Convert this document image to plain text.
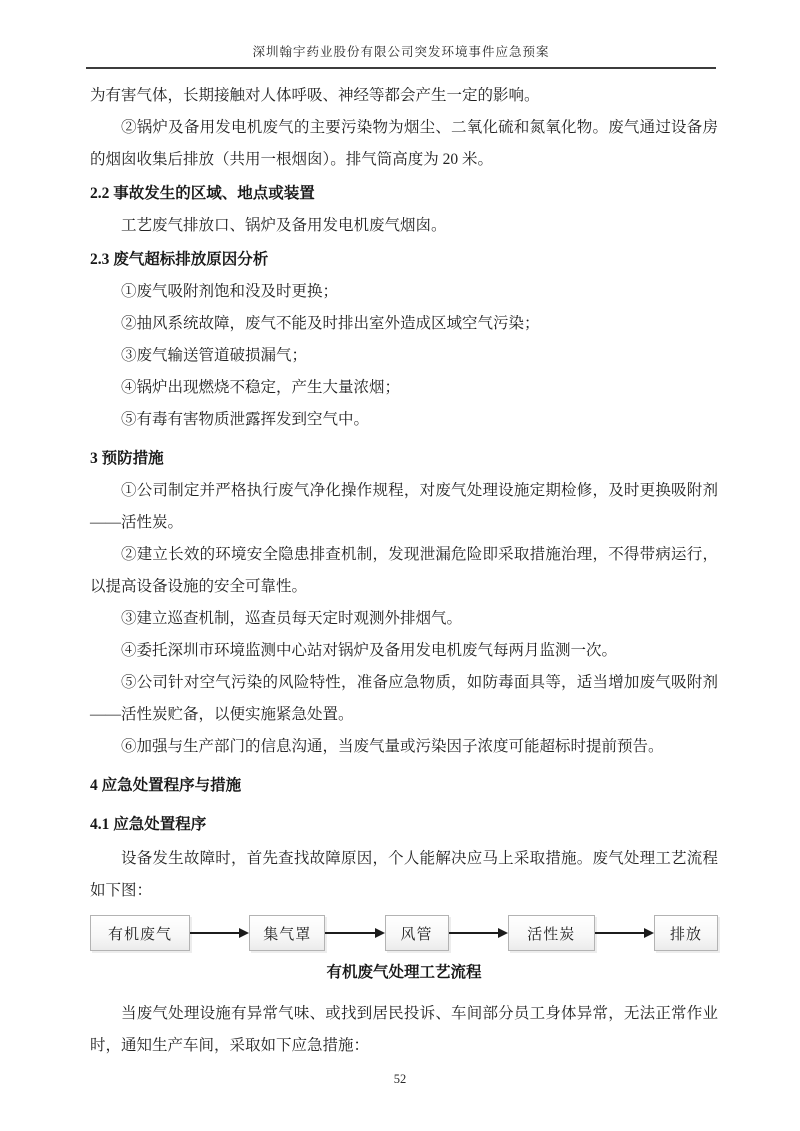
深圳翰宇药业股份有限公司突发环境事件应急预案

为有害气体，长期接触对人体呼吸、神经等都会产生一定的影响。

②锅炉及备用发电机废气的主要污染物为烟尘、二氧化硫和氮氧化物。废气通过设备房的烟囱收集后排放（共用一根烟囱）。排气筒高度为 20 米。

2.2 事故发生的区域、地点或装置

工艺废气排放口、锅炉及备用发电机废气烟囱。

2.3 废气超标排放原因分析
①废气吸附剂饱和没及时更换；
②抽风系统故障，废气不能及时排出室外造成区域空气污染；
③废气输送管道破损漏气；
④锅炉出现燃烧不稳定，产生大量浓烟；
⑤有毒有害物质泄露挥发到空气中。
3 预防措施
①公司制定并严格执行废气净化操作规程，对废气处理设施定期检修，及时更换吸附剂——活性炭。
②建立长效的环境安全隐患排查机制，发现泄漏危险即采取措施治理，不得带病运行，以提高设备设施的安全可靠性。
③建立巡查机制，巡查员每天定时观测外排烟气。
④委托深圳市环境监测中心站对锅炉及备用发电机废气每两月监测一次。
⑤公司针对空气污染的风险特性，准备应急物质，如防毒面具等，适当增加废气吸附剂——活性炭贮备，以便实施紧急处置。
⑥加强与生产部门的信息沟通，当废气量或污染因子浓度可能超标时提前预告。
4 应急处置程序与措施
4.1 应急处置程序

设备发生故障时，首先查找故障原因，个人能解决应马上采取措施。废气处理工艺流程如下图：

有机废气	集气罩	风管	活性炭	排放
有机废气处理工艺流程

当废气处理设施有异常气味、或找到居民投诉、车间部分员工身体异常，无法正常作业时，通知生产车间，采取如下应急措施：

52
